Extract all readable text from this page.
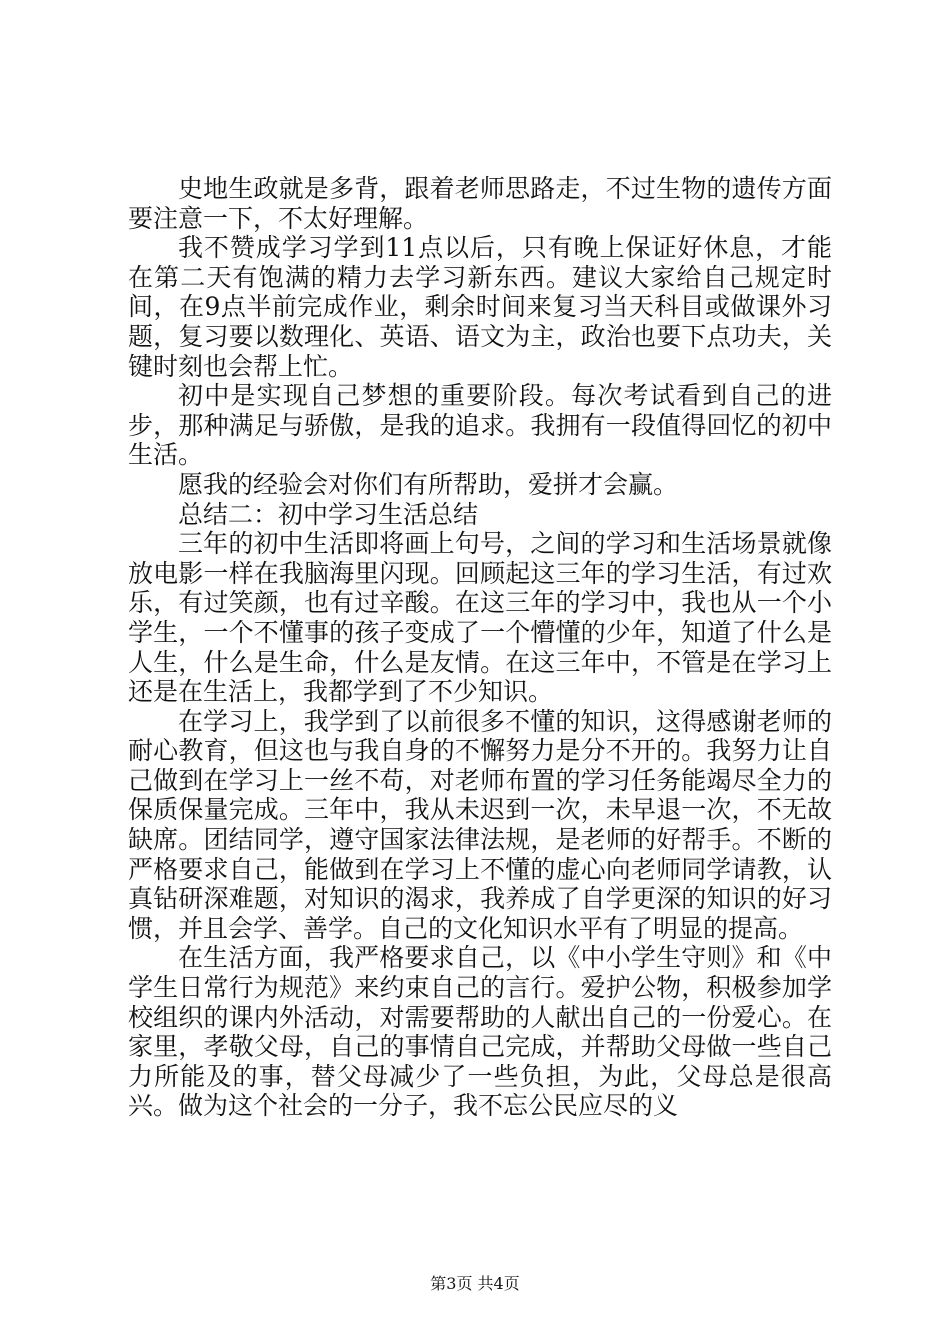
史地生政就是多背，跟着老师思路走，不过生物的遗传方面要注意一下，不太好理解。

我不赞成学习学到11点以后，只有晚上保证好休息，才能在第二天有饱满的精力去学习新东西。建议大家给自己规定时间，在9点半前完成作业，剩余时间来复习当天科目或做课外习题，复习要以数理化、英语、语文为主，政治也要下点功夫，关键时刻也会帮上忙。

初中是实现自己梦想的重要阶段。每次考试看到自己的进步，那种满足与骄傲，是我的追求。我拥有一段值得回忆的初中生活。

愿我的经验会对你们有所帮助，爱拼才会赢。

总结二：初中学习生活总结

三年的初中生活即将画上句号，之间的学习和生活场景就像放电影一样在我脑海里闪现。回顾起这三年的学习生活，有过欢乐，有过笑颜，也有过辛酸。在这三年的学习中，我也从一个小学生，一个不懂事的孩子变成了一个懵懂的少年，知道了什么是人生，什么是生命，什么是友情。在这三年中，不管是在学习上还是在生活上，我都学到了不少知识。

在学习上，我学到了以前很多不懂的知识，这得感谢老师的耐心教育，但这也与我自身的不懈努力是分不开的。我努力让自己做到在学习上一丝不苟，对老师布置的学习任务能竭尽全力的保质保量完成。三年中，我从未迟到一次，未早退一次，不无故缺席。团结同学，遵守国家法律法规，是老师的好帮手。不断的严格要求自己，能做到在学习上不懂的虚心向老师同学请教，认真钻研深难题，对知识的渴求，我养成了自学更深的知识的好习惯，并且会学、善学。自己的文化知识水平有了明显的提高。

在生活方面，我严格要求自己，以《中小学生守则》和《中学生日常行为规范》来约束自己的言行。爱护公物，积极参加学校组织的课内外活动，对需要帮助的人献出自己的一份爱心。在家里，孝敬父母，自己的事情自己完成，并帮助父母做一些自己力所能及的事，替父母减少了一些负担，为此，父母总是很高兴。做为这个社会的一分子，我不忘公民应尽的义

第3页 共4页
